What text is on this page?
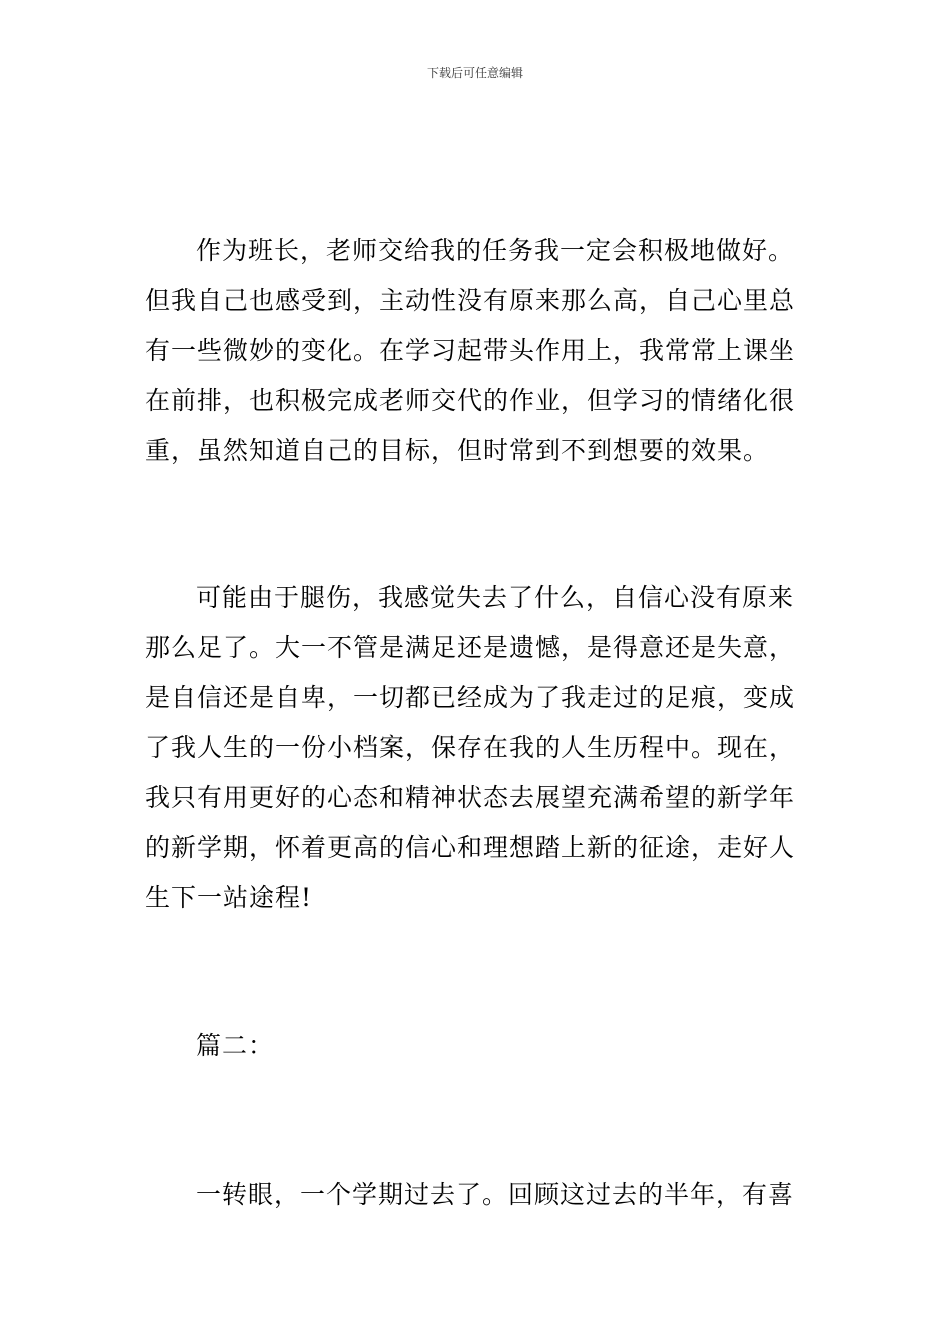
下载后可任意编辑
作为班长，老师交给我的任务我一定会积极地做好。
但我自己也感受到，主动性没有原来那么高，自己心里总
有一些微妙的变化。在学习起带头作用上，我常常上课坐
在前排，也积极完成老师交代的作业，但学习的情绪化很
重，虽然知道自己的目标，但时常到不到想要的效果。
可能由于腿伤，我感觉失去了什么，自信心没有原来
那么足了。大一不管是满足还是遗憾，是得意还是失意，
是自信还是自卑，一切都已经成为了我走过的足痕，变成
了我人生的一份小档案，保存在我的人生历程中。现在，
我只有用更好的心态和精神状态去展望充满希望的新学年
的新学期，怀着更高的信心和理想踏上新的征途，走好人
生下一站途程!
篇二：
一转眼，一个学期过去了。回顾这过去的半年，有喜
